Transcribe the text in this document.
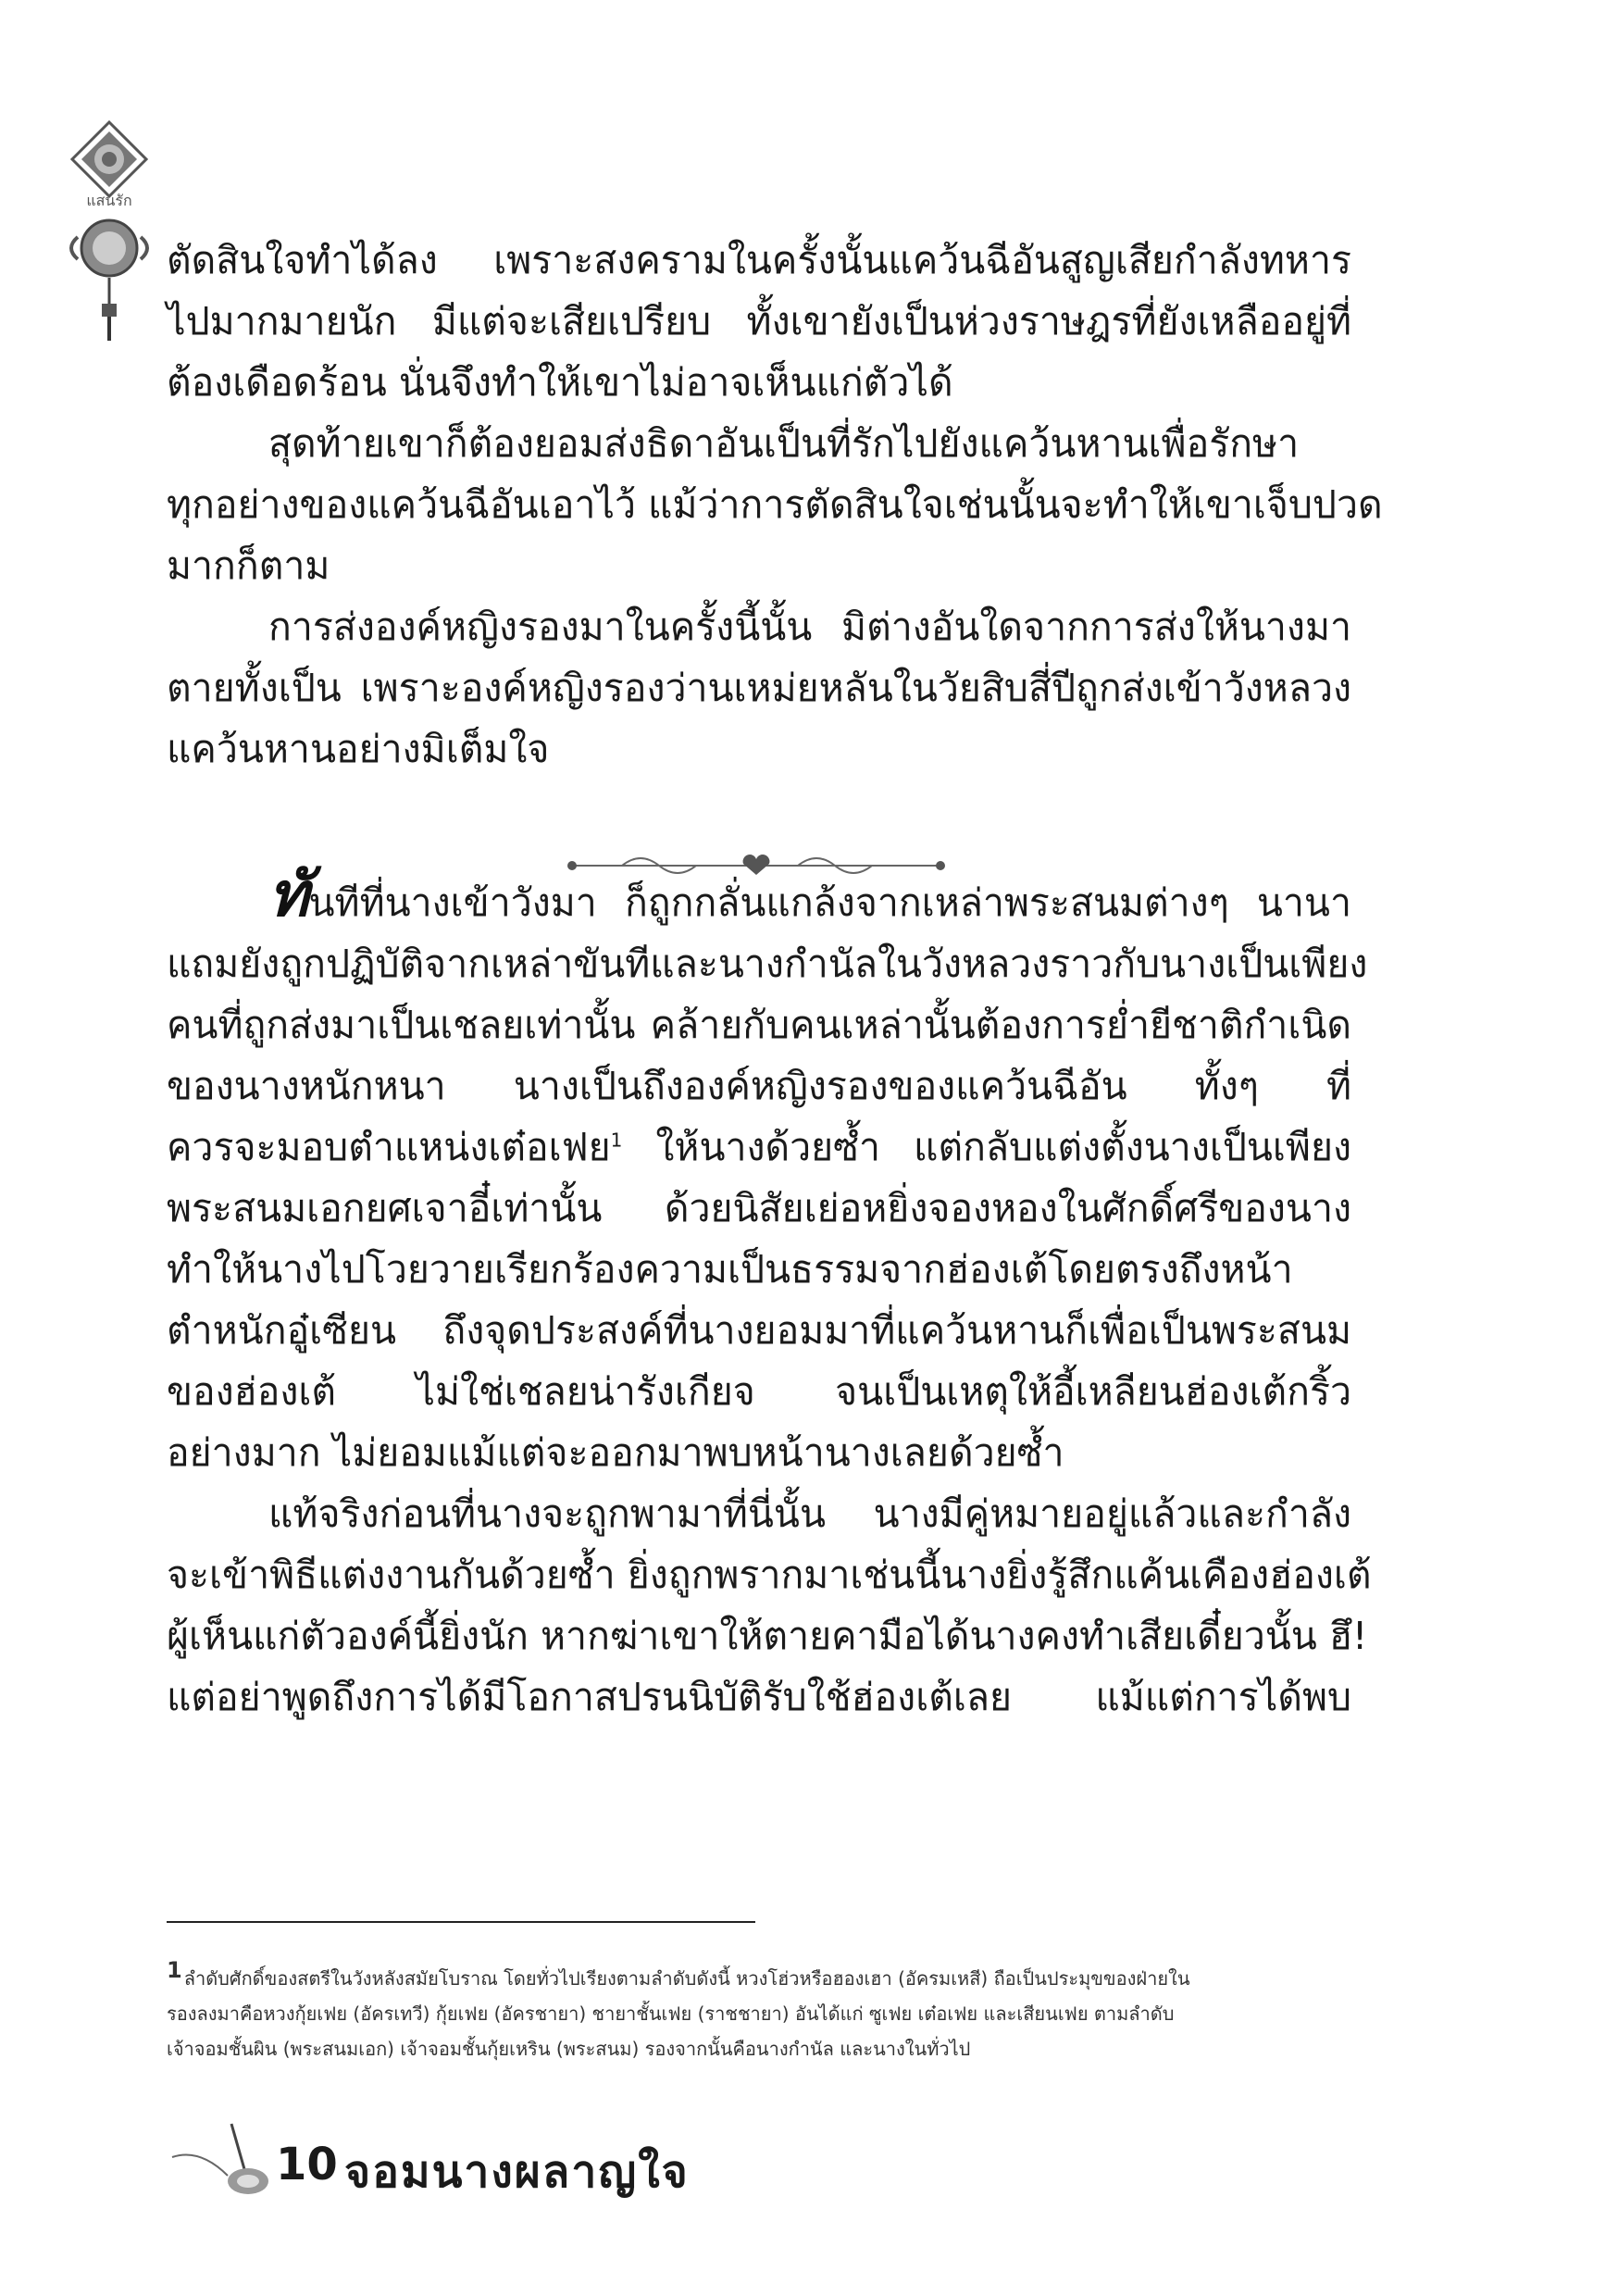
แสนรัก

ตัดสินใจทำได้ลง เพราะสงครามในครั้งนั้นแคว้นฉีอันสูญเสียกำลังทหาร
ไปมากมายนัก มีแต่จะเสียเปรียบ ทั้งเขายังเป็นห่วงราษฎรที่ยังเหลืออยู่ที่
ต้องเดือดร้อน นั่นจึงทำให้เขาไม่อาจเห็นแก่ตัวได้

สุดท้ายเขาก็ต้องยอมส่งธิดาอันเป็นที่รักไปยังแคว้นหานเพื่อรักษา
ทุกอย่างของแคว้นฉีอันเอาไว้ แม้ว่าการตัดสินใจเช่นนั้นจะทำให้เขาเจ็บปวด
มากก็ตาม

การส่งองค์หญิงรองมาในครั้งนี้นั้น มิต่างอันใดจากการส่งให้นางมา
ตายทั้งเป็น เพราะองค์หญิงรองว่านเหม่ยหลันในวัยสิบสี่ปีถูกส่งเข้าวังหลวง
แคว้นหานอย่างมิเต็มใจ

ทันทีที่นางเข้าวังมา ก็ถูกกลั่นแกล้งจากเหล่าพระสนมต่างๆ นานา
แถมยังถูกปฏิบัติจากเหล่าขันทีและนางกำนัลในวังหลวงราวกับนางเป็นเพียง
คนที่ถูกส่งมาเป็นเชลยเท่านั้น คล้ายกับคนเหล่านั้นต้องการย่ำยีชาติกำเนิด
ของนางหนักหนา นางเป็นถึงองค์หญิงรองของแคว้นฉีอัน ทั้งๆ ที่
ควรจะมอบตำแหน่งเต๋อเฟย$^1$ ให้นางด้วยซ้ำ แต่กลับแต่งตั้งนางเป็นเพียง
พระสนมเอกยศเจาอี๋เท่านั้น ด้วยนิสัยเย่อหยิ่งจองหองในศักดิ์ศรีของนาง
ทำให้นางไปโวยวายเรียกร้องความเป็นธรรมจากฮ่องเต้โดยตรงถึงหน้า
ตำหนักอู๋เซียน ถึงจุดประสงค์ที่นางยอมมาที่แคว้นหานก็เพื่อเป็นพระสนม
ของฮ่องเต้ ไม่ใช่เชลยน่ารังเกียจ จนเป็นเหตุให้อี้เหลียนฮ่องเต้กริ้ว
อย่างมาก ไม่ยอมแม้แต่จะออกมาพบหน้านางเลยด้วยซ้ำ

แท้จริงก่อนที่นางจะถูกพามาที่นี่นั้น นางมีคู่หมายอยู่แล้วและกำลัง
จะเข้าพิธีแต่งงานกันด้วยซ้ำ ยิ่งถูกพรากมาเช่นนี้นางยิ่งรู้สึกแค้นเคืองฮ่องเต้
ผู้เห็นแก่ตัวองค์นี้ยิ่งนัก หากฆ่าเขาให้ตายคามือได้นางคงทำเสียเดี๋ยวนั้น ฮึ!
แต่อย่าพูดถึงการได้มีโอกาสปรนนิบัติรับใช้ฮ่องเต้เลย แม้แต่การได้พบ

1 ลำดับศักดิ์ของสตรีในวังหลังสมัยโบราณ โดยทั่วไปเรียงตามลำดับดังนี้ หวงโฮ่วหรือฮองเฮา (อัครมเหสี) ถือเป็นประมุขของฝ่ายใน
รองลงมาคือหวงกุ้ยเฟย (อัครเทวี) กุ้ยเฟย (อัครชายา) ชายาชั้นเฟย (ราชชายา) อันได้แก่ ซูเฟย เต๋อเฟย และเสียนเฟย ตามลำดับ
เจ้าจอมชั้นผิน (พระสนมเอก) เจ้าจอมชั้นกุ้ยเหริน (พระสนม) รองจากนั้นคือนางกำนัล และนางในทั่วไป
10 จอมนางผลาญใจ
